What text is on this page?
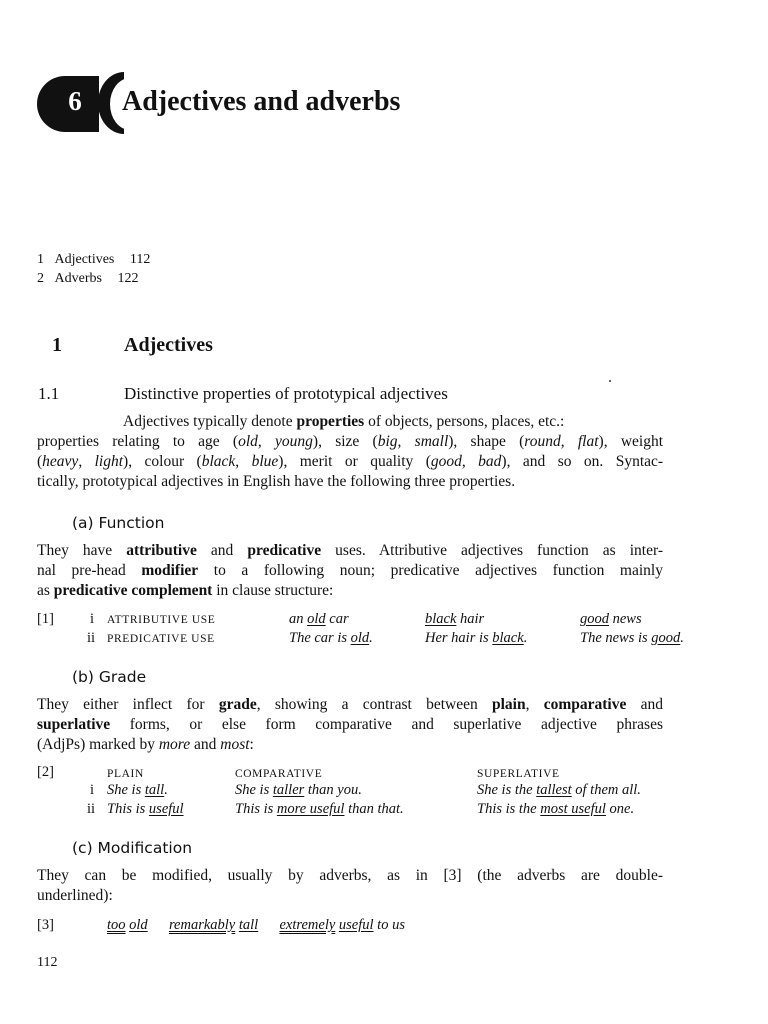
6	Adjectives and adverbs
1 Adjectives 112
2 Adverbs 122
1	Adjectives
1.1	Distinctive properties of prototypical adjectives
Adjectives typically denote properties of objects, persons, places, etc.:
properties relating to age (old, young), size (big, small), shape (round, flat), weight
(heavy, light), colour (black, blue), merit or quality (good, bad), and so on. Syntac-
tically, prototypical adjectives in English have the following three properties.
(a) Function
They have attributive and predicative uses. Attributive adjectives function as inter-
nal pre-head modifier to a following noun; predicative adjectives function mainly
as predicative complement in clause structure:
[1] i ATTRIBUTIVE USE	an old car	black hair	good news
ii PREDICATIVE USE	The car is old.	Her hair is black.	The news is good.
(b) Grade
They either inflect for grade, showing a contrast between plain, comparative and
superlative forms, or else form comparative and superlative adjective phrases
(AdjPs) marked by more and most:
[2]	PLAIN	COMPARATIVE	SUPERLATIVE
i She is tall.	She is taller than you.	She is the tallest of them all.
ii This is useful	This is more useful than that.	This is the most useful one.
(c) Modification
They can be modified, usually by adverbs, as in [3] (the adverbs are double-
underlined):
[3]	too old remarkably tall extremely useful to us
112
